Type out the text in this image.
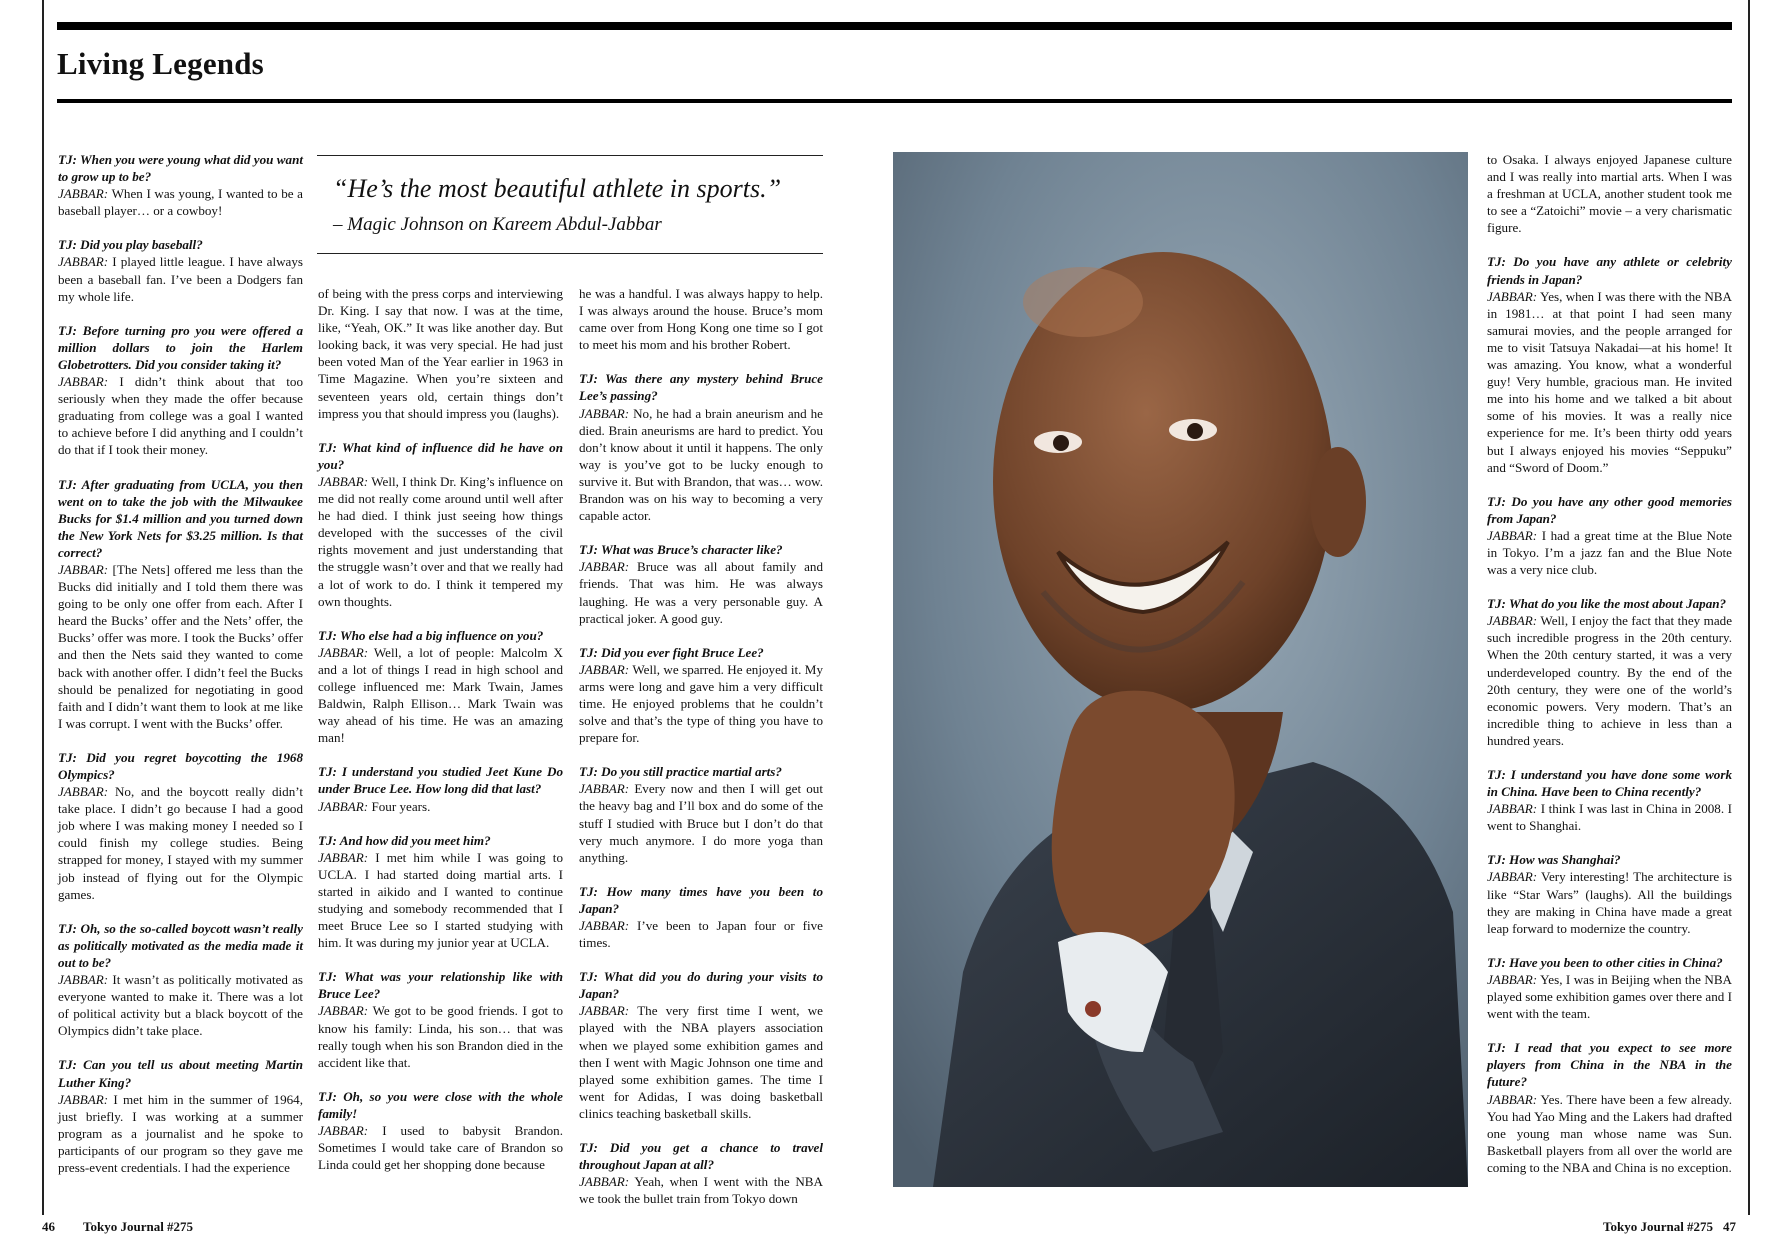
Living Legends

TJ: When you were young what did you want to grow up to be?
JABBAR: When I was young, I wanted to be a baseball player… or a cowboy!

TJ: Did you play baseball?
JABBAR: I played little league. I have always been a baseball fan. I’ve been a Dodgers fan my whole life.

TJ: Before turning pro you were offered a million dollars to join the Harlem Globetrotters. Did you consider taking it?
JABBAR: I didn’t think about that too seriously when they made the offer because graduating from college was a goal I wanted to achieve before I did anything and I couldn’t do that if I took their money.

TJ: After graduating from UCLA, you then went on to take the job with the Milwaukee Bucks for $1.4 million and you turned down the New York Nets for $3.25 million. Is that correct?
JABBAR: [The Nets] offered me less than the Bucks did initially and I told them there was going to be only one offer from each. After I heard the Bucks’ offer and the Nets’ offer, the Bucks’ offer was more. I took the Bucks’ offer and then the Nets said they wanted to come back with another offer. I didn’t feel the Bucks should be penalized for negotiating in good faith and I didn’t want them to look at me like I was corrupt. I went with the Bucks’ offer.

TJ: Did you regret boycotting the 1968 Olympics?
JABBAR: No, and the boycott really didn’t take place. I didn’t go because I had a good job where I was making money I needed so I could finish my college studies. Being strapped for money, I stayed with my summer job instead of flying out for the Olympic games.

TJ: Oh, so the so-called boycott wasn’t really as politically motivated as the media made it out to be?
JABBAR: It wasn’t as politically motivated as everyone wanted to make it. There was a lot of political activity but a black boycott of the Olympics didn’t take place.

TJ: Can you tell us about meeting Martin Luther King?
JABBAR: I met him in the summer of 1964, just briefly. I was working at a summer program as a journalist and he spoke to participants of our program so they gave me press-event credentials. I had the experience

of being with the press corps and interviewing Dr. King. I say that now. I was at the time, like, “Yeah, OK.” It was like another day. But looking back, it was very special. He had just been voted Man of the Year earlier in 1963 in Time Magazine. When you’re sixteen and seventeen years old, certain things don’t impress you that should impress you (laughs).

TJ: What kind of influence did he have on you?
JABBAR: Well, I think Dr. King’s influence on me did not really come around until well after he had died. I think just seeing how things developed with the successes of the civil rights movement and just understanding that the struggle wasn’t over and that we really had a lot of work to do. I think it tempered my own thoughts.

TJ: Who else had a big influence on you?
JABBAR: Well, a lot of people: Malcolm X and a lot of things I read in high school and college influenced me: Mark Twain, James Baldwin, Ralph Ellison… Mark Twain was way ahead of his time. He was an amazing man!

TJ: I understand you studied Jeet Kune Do under Bruce Lee. How long did that last?
JABBAR: Four years.

TJ: And how did you meet him?
JABBAR: I met him while I was going to UCLA. I had started doing martial arts. I started in aikido and I wanted to continue studying and somebody recommended that I meet Bruce Lee so I started studying with him. It was during my junior year at UCLA.

TJ: What was your relationship like with Bruce Lee?
JABBAR: We got to be good friends. I got to know his family: Linda, his son… that was really tough when his son Brandon died in the accident like that.

TJ: Oh, so you were close with the whole family!
JABBAR: I used to babysit Brandon. Sometimes I would take care of Brandon so Linda could get her shopping done because

he was a handful. I was always happy to help. I was always around the house. Bruce’s mom came over from Hong Kong one time so I got to meet his mom and his brother Robert.

TJ: Was there any mystery behind Bruce Lee’s passing?
JABBAR: No, he had a brain aneurism and he died. Brain aneurisms are hard to predict. You don’t know about it until it happens. The only way is you’ve got to be lucky enough to survive it. But with Brandon, that was… wow. Brandon was on his way to becoming a very capable actor.

TJ: What was Bruce’s character like?
JABBAR: Bruce was all about family and friends. That was him. He was always laughing. He was a very personable guy. A practical joker. A good guy.

TJ: Did you ever fight Bruce Lee?
JABBAR: Well, we sparred. He enjoyed it. My arms were long and gave him a very difficult time. He enjoyed problems that he couldn’t solve and that’s the type of thing you have to prepare for.

TJ: Do you still practice martial arts?
JABBAR: Every now and then I will get out the heavy bag and I’ll box and do some of the stuff I studied with Bruce but I don’t do that very much anymore. I do more yoga than anything.

TJ: How many times have you been to Japan?
JABBAR: I’ve been to Japan four or five times.

TJ: What did you do during your visits to Japan?
JABBAR: The very first time I went, we played with the NBA players association when we played some exhibition games and then I went with Magic Johnson one time and played some exhibition games. The time I went for Adidas, I was doing basketball clinics teaching basketball skills.

TJ: Did you get a chance to travel throughout Japan at all?
JABBAR: Yeah, when I went with the NBA we took the bullet train from Tokyo down

to Osaka. I always enjoyed Japanese culture and I was really into martial arts. When I was a freshman at UCLA, another student took me to see a “Zatoichi” movie – a very charismatic figure.

TJ: Do you have any athlete or celebrity friends in Japan?
JABBAR: Yes, when I was there with the NBA in 1981… at that point I had seen many samurai movies, and the people arranged for me to visit Tatsuya Nakadai—at his home! It was amazing. You know, what a wonderful guy! Very humble, gracious man. He invited me into his home and we talked a bit about some of his movies. It was a really nice experience for me. It’s been thirty odd years but I always enjoyed his movies “Seppuku” and “Sword of Doom.”

TJ: Do you have any other good memories from Japan?
JABBAR: I had a great time at the Blue Note in Tokyo. I’m a jazz fan and the Blue Note was a very nice club.

TJ: What do you like the most about Japan?
JABBAR: Well, I enjoy the fact that they made such incredible progress in the 20th century. When the 20th century started, it was a very underdeveloped country. By the end of the 20th century, they were one of the world’s economic powers. Very modern. That’s an incredible thing to achieve in less than a hundred years.

TJ: I understand you have done some work in China. Have been to China recently?
JABBAR: I think I was last in China in 2008. I went to Shanghai.

TJ: How was Shanghai?
JABBAR: Very interesting! The architecture is like “Star Wars” (laughs). All the buildings they are making in China have made a great leap forward to modernize the country.

TJ: Have you been to other cities in China?
JABBAR: Yes, I was in Beijing when the NBA played some exhibition games over there and I went with the team.

TJ: I read that you expect to see more players from China in the NBA in the future?
JABBAR: Yes. There have been a few already. You had Yao Ming and the Lakers had drafted one young man whose name was Sun. Basketball players from all over the world are coming to the NBA and China is no exception.

“He’s the most beautiful athlete in sports.”
– Magic Johnson on Kareem Abdul-Jabbar
46 Tokyo Journal #275	Tokyo Journal #275 47
